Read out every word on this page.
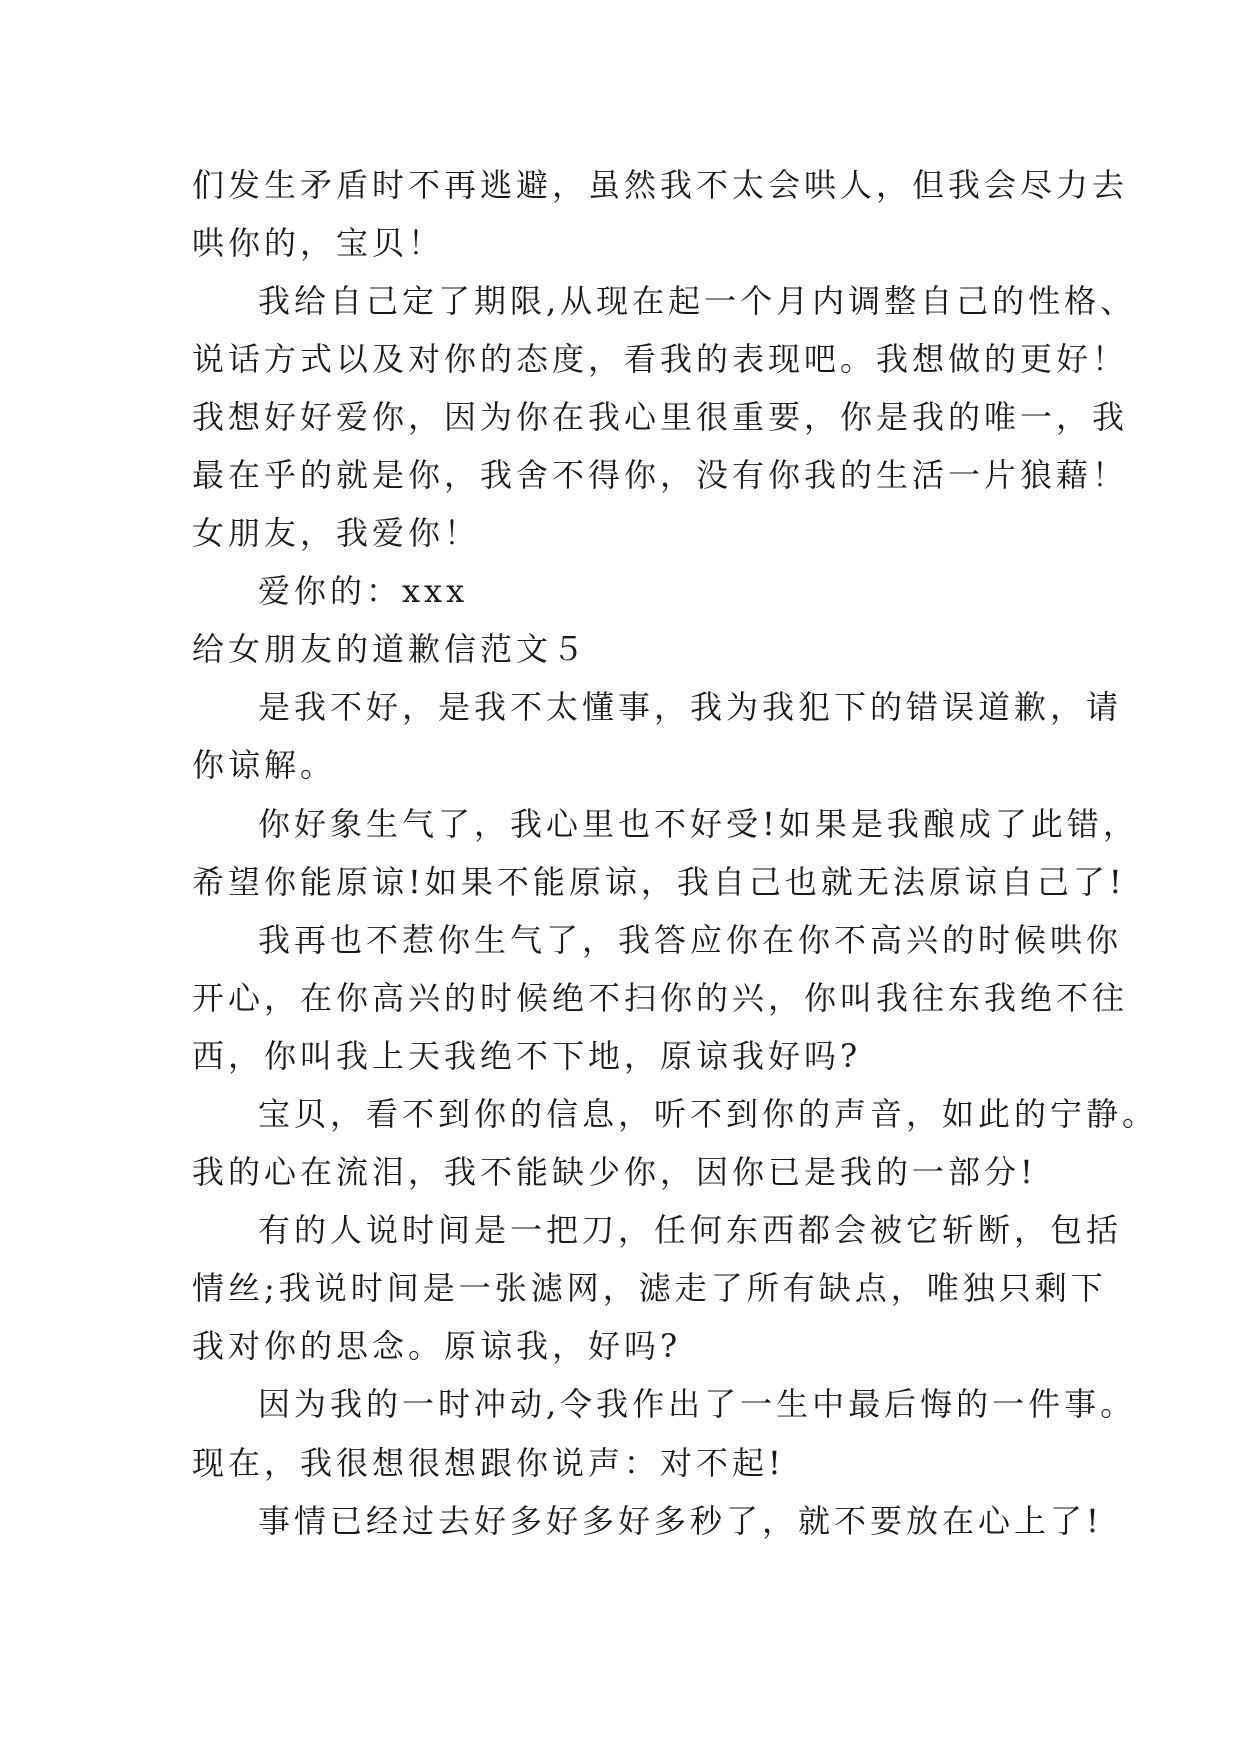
们发生矛盾时不再逃避，虽然我不太会哄人，但我会尽力去
哄你的，宝贝！
我给自己定了期限,从现在起一个月内调整自己的性格、
说话方式以及对你的态度，看我的表现吧。我想做的更好！
我想好好爱你，因为你在我心里很重要，你是我的唯一，我
最在乎的就是你，我舍不得你，没有你我的生活一片狼藉！
女朋友，我爱你！
爱你的：xxx
给女朋友的道歉信范文５
是我不好，是我不太懂事，我为我犯下的错误道歉，请
你谅解。
你好象生气了，我心里也不好受!如果是我酿成了此错，
希望你能原谅!如果不能原谅，我自己也就无法原谅自己了!
我再也不惹你生气了，我答应你在你不高兴的时候哄你
开心，在你高兴的时候绝不扫你的兴，你叫我往东我绝不往
西，你叫我上天我绝不下地，原谅我好吗?
宝贝，看不到你的信息，听不到你的声音，如此的宁静。
我的心在流泪，我不能缺少你，因你已是我的一部分!
有的人说时间是一把刀，任何东西都会被它斩断，包括
情丝;我说时间是一张滤网，滤走了所有缺点，唯独只剩下
我对你的思念。原谅我，好吗?
因为我的一时冲动,令我作出了一生中最后悔的一件事。
现在，我很想很想跟你说声：对不起!
事情已经过去好多好多好多秒了，就不要放在心上了!
